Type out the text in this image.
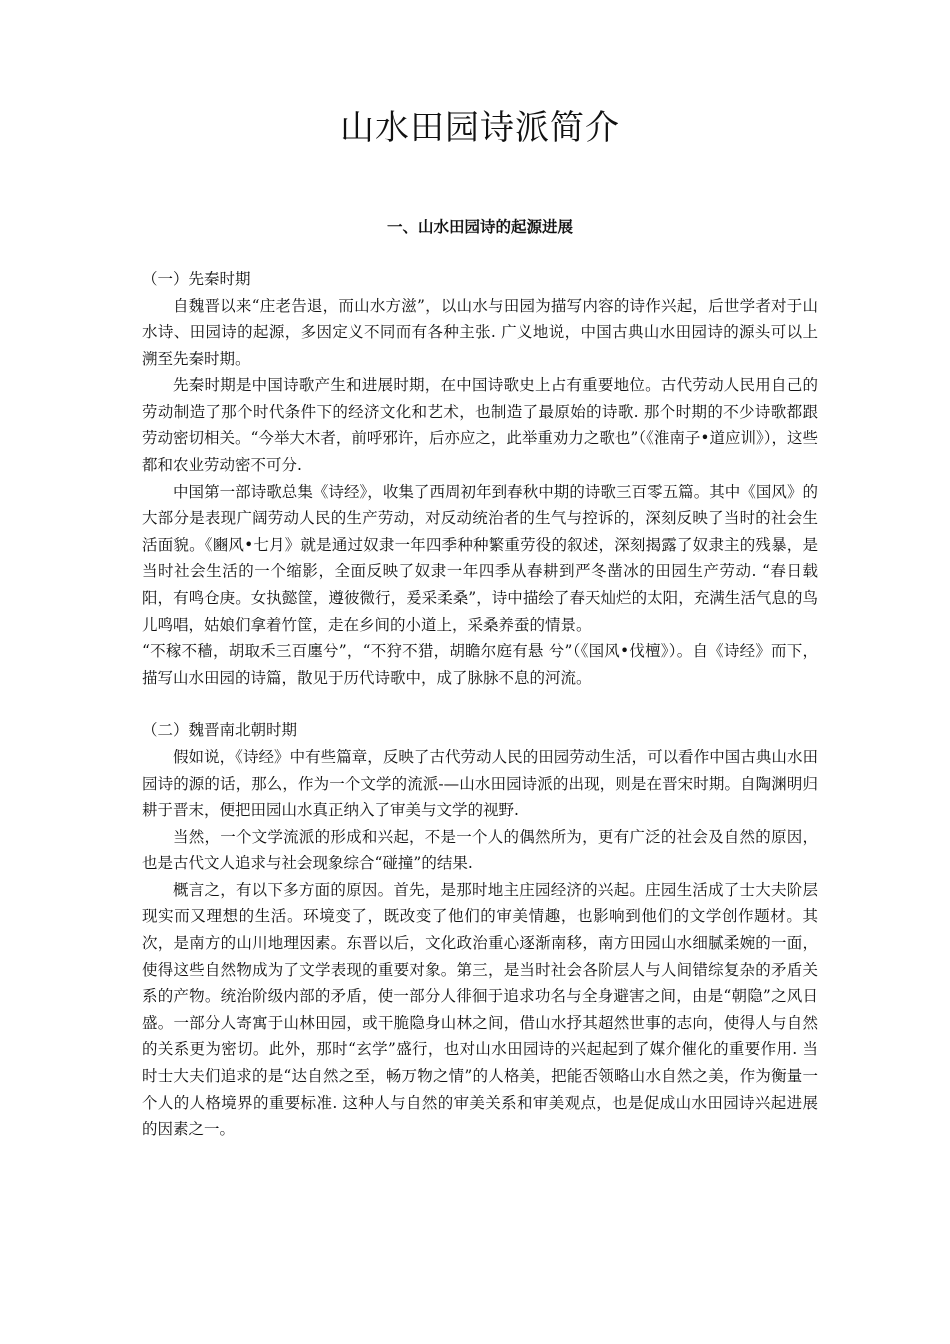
山水田园诗派简介
一、山水田园诗的起源进展

（一）先秦时期

自魏晋以来“庄老告退，而山水方滋”，以山水与田园为描写内容的诗作兴起，后世学者对于山水诗、田园诗的起源，多因定义不同而有各种主张. 广义地说，中国古典山水田园诗的源头可以上溯至先秦时期。

先秦时期是中国诗歌产生和进展时期，在中国诗歌史上占有重要地位。古代劳动人民用自己的劳动制造了那个时代条件下的经济文化和艺术，也制造了最原始的诗歌. 那个时期的不少诗歌都跟劳动密切相关。“今举大木者，前呼邪许，后亦应之，此举重劝力之歌也”（《淮南子•道应训》），这些都和农业劳动密不可分.

中国第一部诗歌总集《诗经》，收集了西周初年到春秋中期的诗歌三百零五篇。其中《国风》的大部分是表现广阔劳动人民的生产劳动，对反动统治者的生气与控诉的，深刻反映了当时的社会生活面貌。《豳风•七月》就是通过奴隶一年四季种种繁重劳役的叙述，深刻揭露了奴隶主的残暴，是当时社会生活的一个缩影，全面反映了奴隶一年四季从春耕到严冬凿冰的田园生产劳动. “春日载阳，有鸣仓庚。女执懿筐，遵彼微行，爰采柔桑”，诗中描绘了春天灿烂的太阳，充满生活气息的鸟儿鸣唱，姑娘们拿着竹筐，走在乡间的小道上，采桑养蚕的情景。

“不稼不穑，胡取禾三百廛兮”，“不狩不猎，胡瞻尔庭有悬 兮”（《国风•伐檀》）。自《诗经》而下，描写山水田园的诗篇，散见于历代诗歌中，成了脉脉不息的河流。

（二）魏晋南北朝时期

假如说，《诗经》中有些篇章，反映了古代劳动人民的田园劳动生活，可以看作中国古典山水田园诗的源的话，那么，作为一个文学的流派-—山水田园诗派的出现，则是在晋宋时期。自陶渊明归耕于晋末，便把田园山水真正纳入了审美与文学的视野.

当然，一个文学流派的形成和兴起，不是一个人的偶然所为，更有广泛的社会及自然的原因，也是古代文人追求与社会现象综合“碰撞”的结果.

概言之，有以下多方面的原因。首先，是那时地主庄园经济的兴起。庄园生活成了士大夫阶层现实而又理想的生活。环境变了，既改变了他们的审美情趣，也影响到他们的文学创作题材。其次，是南方的山川地理因素。东晋以后，文化政治重心逐渐南移，南方田园山水细腻柔婉的一面，使得这些自然物成为了文学表现的重要对象。第三，是当时社会各阶层人与人间错综复杂的矛盾关系的产物。统治阶级内部的矛盾，使一部分人徘徊于追求功名与全身避害之间，由是“朝隐”之风日盛。一部分人寄寓于山林田园，或干脆隐身山林之间，借山水抒其超然世事的志向，使得人与自然的关系更为密切。此外，那时“玄学”盛行，也对山水田园诗的兴起起到了媒介催化的重要作用. 当时士大夫们追求的是“达自然之至，畅万物之情”的人格美，把能否领略山水自然之美，作为衡量一个人的人格境界的重要标准. 这种人与自然的审美关系和审美观点，也是促成山水田园诗兴起进展的因素之一。
